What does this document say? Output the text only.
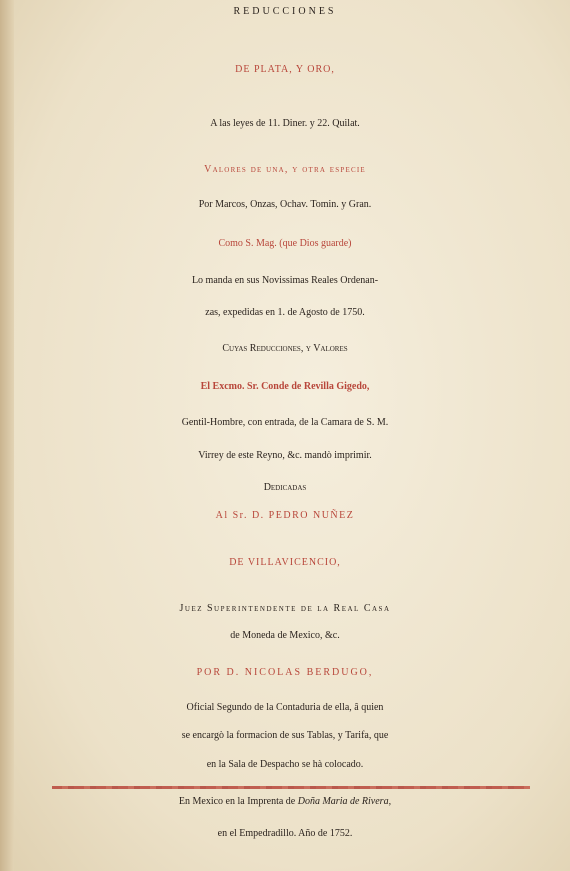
REDUCCIONES
DE PLATA, Y ORO,
A las leyes de 11. Diner. y 22. Quilat.
Valores de una, y otra especie
Por Marcos, Onzas, Ochav. Tomin. y Gran.
Como S. Mag. (que Dios guarde)
Lo manda en sus Novissimas Reales Ordenan-
zas, expedidas en 1. de Agosto de 1750.
Cuyas Reducciones, y Valores
El Excmo. Sr. Conde de Revilla Gigedo,
Gentil-Hombre, con entrada, de la Camara de S. M.
Virrey de este Reyno, &c. mandò imprimir.
Dedicadas
Al Sr. D. PEDRO NUÑEZ
DE VILLAVICENCIO,
Juez Superintendente de la Real Casa
de Moneda de Mexico, &c.
POR D. NICOLAS BERDUGO,
Oficial Segundo de la Contaduria de ella, â quien
se encargò la formacion de sus Tablas, y Tarifa, que
en la Sala de Despacho se hà colocado.
En Mexico en la Imprenta de Doña Maria de Rivera,
en el Empedradillo. Año de 1752.
